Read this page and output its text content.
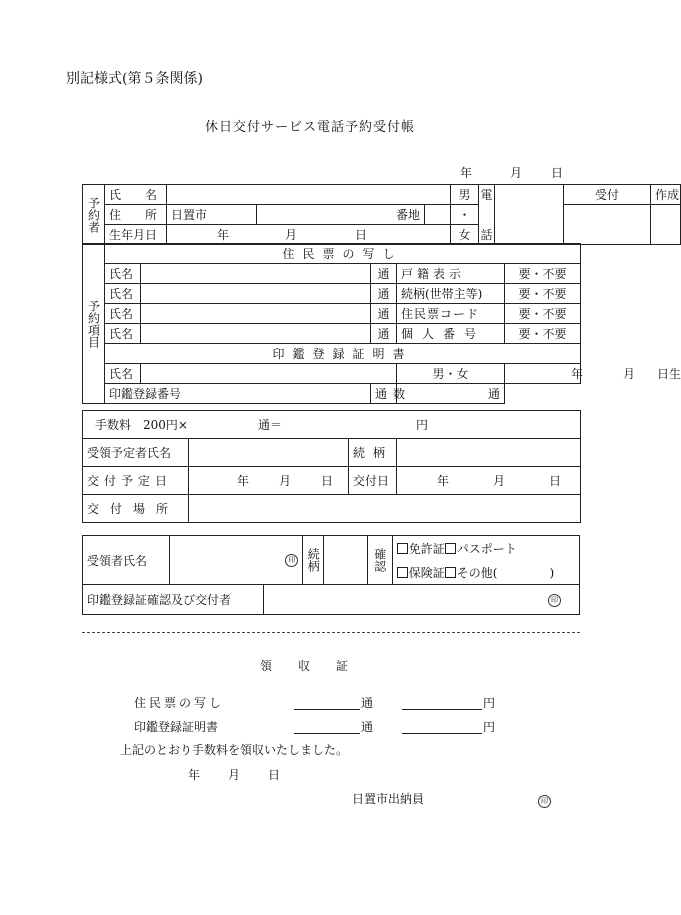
別記様式(第５条関係)
休日交付サービス電話予約受付帳
年	月 日
予約者	氏　　名				男	電		受付	作成
	住　　所	日置市	番地		・				
	生年月日	年 月 日			女	話			
予約項目	住民票の写し				
	氏名		通	戸籍表示	要・不要
	氏名		通	続柄(世帯主等)	要・不要
	氏名		通	住民票コード	要・不要
	氏名		通	個人番号	要・不要
	印鑑登録証明書				
	氏名			男・女	年 月 日生
	印鑑登録番号		通数	通	
手数料　200円× 通＝ 円			
受領予定者氏名		続柄	
交付予定日	年 月 日	交付日	年 月 日
交付場所			
受領者氏名	印		続柄		確認	免許証 パスポート
						保険証 その他( )
印鑑登録証確認及び交付者		印				
領収証
住民票の写し	通	円
印鑑登録証明書	通	円
上記のとおり手数料を領収いたしました。
年 月 日
日置市出納員	印
